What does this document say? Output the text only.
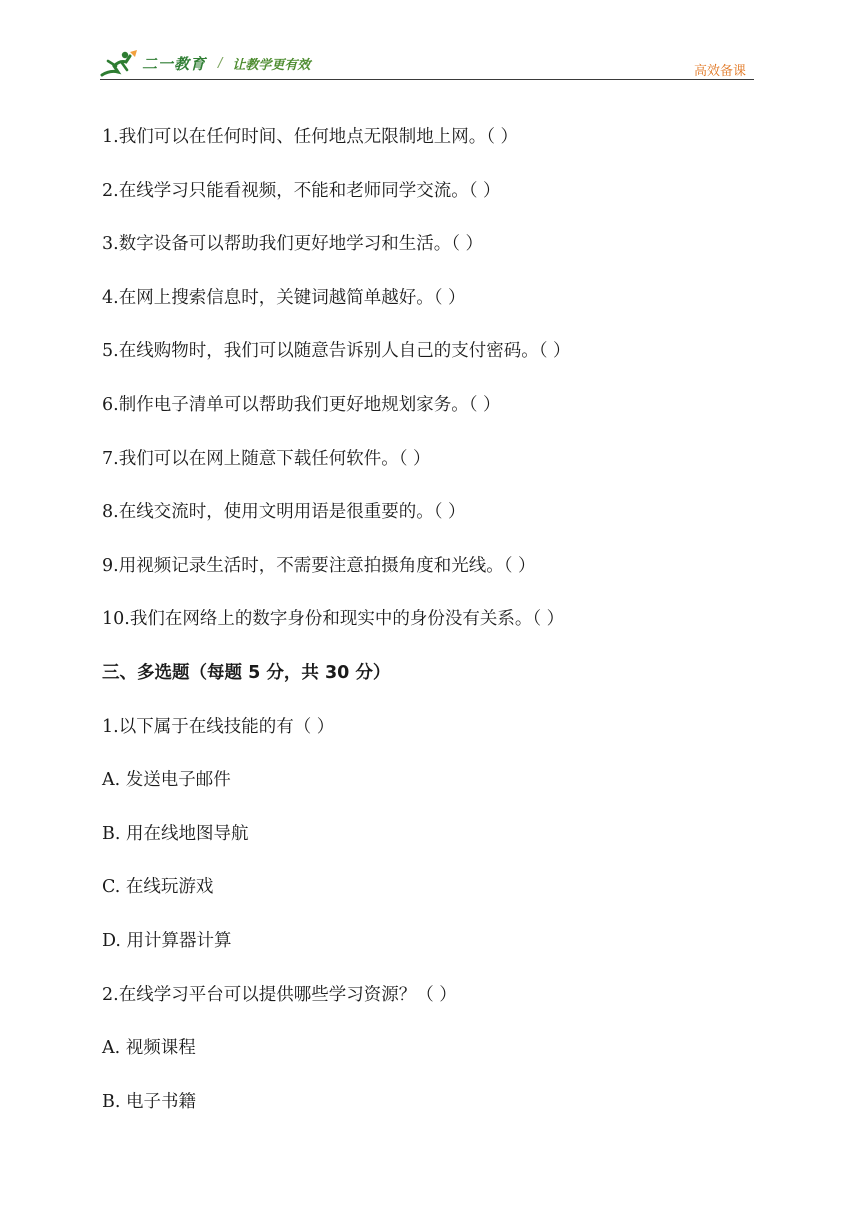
二一教育 / 让教学更有效	高效备课
1.我们可以在任何时间、任何地点无限制地上网。（ ）
2.在线学习只能看视频，不能和老师同学交流。（ ）
3.数字设备可以帮助我们更好地学习和生活。（ ）
4.在网上搜索信息时，关键词越简单越好。（ ）
5.在线购物时，我们可以随意告诉别人自己的支付密码。（ ）
6.制作电子清单可以帮助我们更好地规划家务。（ ）
7.我们可以在网上随意下载任何软件。（ ）
8.在线交流时，使用文明用语是很重要的。（ ）
9.用视频记录生活时，不需要注意拍摄角度和光线。（ ）
10.我们在网络上的数字身份和现实中的身份没有关系。（ ）
三、多选题（每题 5 分，共 30 分）
1.以下属于在线技能的有（ ）
A. 发送电子邮件
B. 用在线地图导航
C. 在线玩游戏
D. 用计算器计算
2.在线学习平台可以提供哪些学习资源？（ ）
A. 视频课程
B. 电子书籍
